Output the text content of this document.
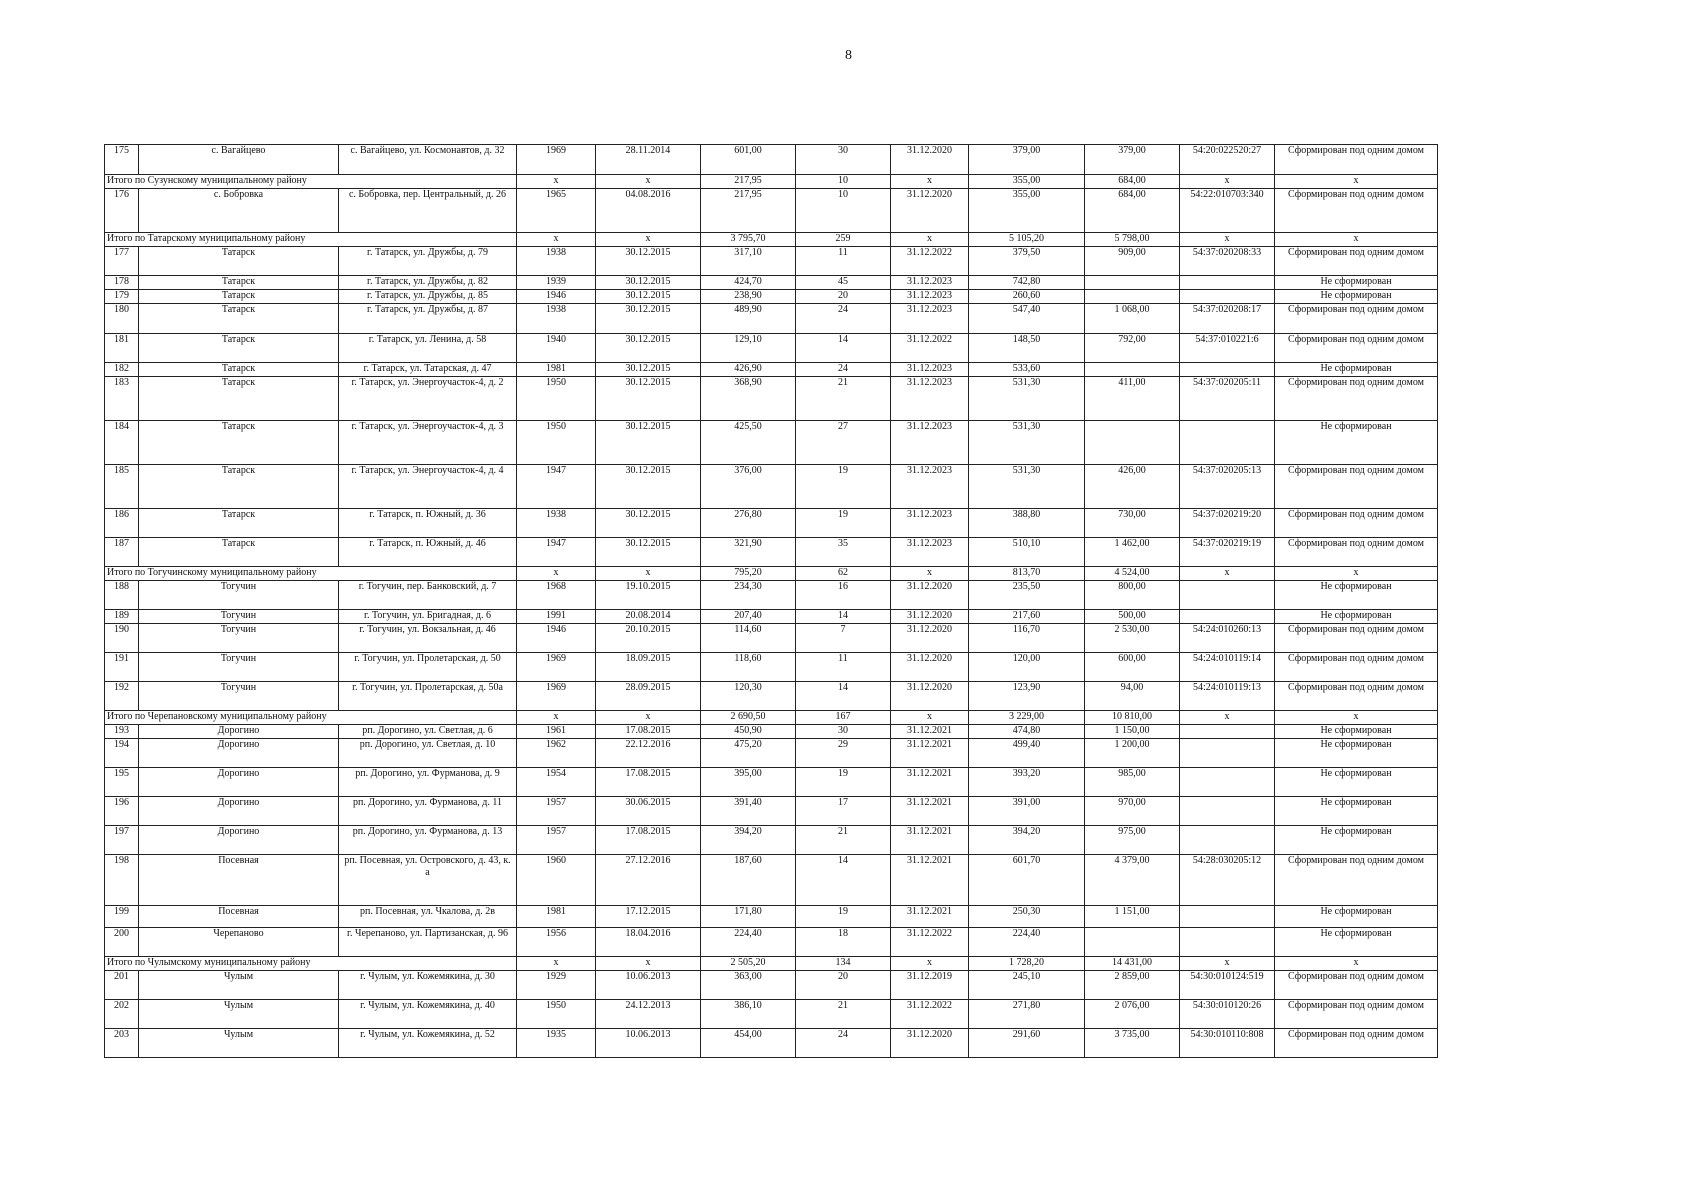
8
175	с. Вагайцево	с. Вагайцево, ул. Космонавтов, д. 32	1969	28.11.2014	601,00	30	31.12.2020	379,00	379,00	54:20:022520:27	Сформирован под одним домом
Итого по Сузунскому муниципальному району			x	x	217,95	10	x	355,00	684,00	x	x
176	с. Бобровка	с. Бобровка, пер. Центральный, д. 26	1965	04.08.2016	217,95	10	31.12.2020	355,00	684,00	54:22:010703:340	Сформирован под одним домом
Итого по Татарскому муниципальному району			x	x	3 795,70	259	x	5 105,20	5 798,00	x	x
177	Татарск	г. Татарск, ул. Дружбы, д. 79	1938	30.12.2015	317,10	11	31.12.2022	379,50	909,00	54:37:020208:33	Сформирован под одним домом
178	Татарск	г. Татарск, ул. Дружбы, д. 82	1939	30.12.2015	424,70	45	31.12.2023	742,80			Не сформирован
179	Татарск	г. Татарск, ул. Дружбы, д. 85	1946	30.12.2015	238,90	20	31.12.2023	260,60			Не сформирован
180	Татарск	г. Татарск, ул. Дружбы, д. 87	1938	30.12.2015	489,90	24	31.12.2023	547,40	1 068,00	54:37:020208:17	Сформирован под одним домом
181	Татарск	г. Татарск, ул. Ленина, д. 58	1940	30.12.2015	129,10	14	31.12.2022	148,50	792,00	54:37:010221:6	Сформирован под одним домом
182	Татарск	г. Татарск, ул. Татарская, д. 47	1981	30.12.2015	426,90	24	31.12.2023	533,60			Не сформирован
183	Татарск	г. Татарск, ул. Энергоучасток-4, д. 2	1950	30.12.2015	368,90	21	31.12.2023	531,30	411,00	54:37:020205:11	Сформирован под одним домом
184	Татарск	г. Татарск, ул. Энергоучасток-4, д. 3	1950	30.12.2015	425,50	27	31.12.2023	531,30			Не сформирован
185	Татарск	г. Татарск, ул. Энергоучасток-4, д. 4	1947	30.12.2015	376,00	19	31.12.2023	531,30	426,00	54:37:020205:13	Сформирован под одним домом
186	Татарск	г. Татарск, п. Южный, д. 36	1938	30.12.2015	276,80	19	31.12.2023	388,80	730,00	54:37:020219:20	Сформирован под одним домом
187	Татарск	г. Татарск, п. Южный, д. 46	1947	30.12.2015	321,90	35	31.12.2023	510,10	1 462,00	54:37:020219:19	Сформирован под одним домом
Итого по Тогучинскому муниципальному району			x	x	795,20	62	x	813,70	4 524,00	x	x
188	Тогучин	г. Тогучин, пер. Банковский, д. 7	1968	19.10.2015	234,30	16	31.12.2020	235,50	800,00		Не сформирован
189	Тогучин	г. Тогучин, ул. Бригадная, д. 6	1991	20.08.2014	207,40	14	31.12.2020	217,60	500,00		Не сформирован
190	Тогучин	г. Тогучин, ул. Вокзальная, д. 46	1946	20.10.2015	114,60	7	31.12.2020	116,70	2 530,00	54:24:010260:13	Сформирован под одним домом
191	Тогучин	г. Тогучин, ул. Пролетарская, д. 50	1969	18.09.2015	118,60	11	31.12.2020	120,00	600,00	54:24:010119:14	Сформирован под одним домом
192	Тогучин	г. Тогучин, ул. Пролетарская, д. 50а	1969	28.09.2015	120,30	14	31.12.2020	123,90	94,00	54:24:010119:13	Сформирован под одним домом
Итого по Черепановскому муниципальному району			x	x	2 690,50	167	x	3 229,00	10 810,00	x	x
193	Дорогино	рп. Дорогино, ул. Светлая, д. 6	1961	17.08.2015	450,90	30	31.12.2021	474,80	1 150,00		Не сформирован
194	Дорогино	рп. Дорогино, ул. Светлая, д. 10	1962	22.12.2016	475,20	29	31.12.2021	499,40	1 200,00		Не сформирован
195	Дорогино	рп. Дорогино, ул. Фурманова, д. 9	1954	17.08.2015	395,00	19	31.12.2021	393,20	985,00		Не сформирован
196	Дорогино	рп. Дорогино, ул. Фурманова, д. 11	1957	30.06.2015	391,40	17	31.12.2021	391,00	970,00		Не сформирован
197	Дорогино	рп. Дорогино, ул. Фурманова, д. 13	1957	17.08.2015	394,20	21	31.12.2021	394,20	975,00		Не сформирован
198	Посевная	рп. Посевная, ул. Островского, д. 43, к. а	1960	27.12.2016	187,60	14	31.12.2021	601,70	4 379,00	54:28:030205:12	Сформирован под одним домом
199	Посевная	рп. Посевная, ул. Чкалова, д. 2в	1981	17.12.2015	171,80	19	31.12.2021	250,30	1 151,00		Не сформирован
200	Черепаново	г. Черепаново, ул. Партизанская, д. 96	1956	18.04.2016	224,40	18	31.12.2022	224,40			Не сформирован
Итого по Чулымскому муниципальному району			x	x	2 505,20	134	x	1 728,20	14 431,00	x	x
201	Чулым	г. Чулым, ул. Кожемякина, д. 30	1929	10.06.2013	363,00	20	31.12.2019	245,10	2 859,00	54:30:010124:519	Сформирован под одним домом
202	Чулым	г. Чулым, ул. Кожемякина, д. 40	1950	24.12.2013	386,10	21	31.12.2022	271,80	2 076,00	54:30:010120:26	Сформирован под одним домом
203	Чулым	г. Чулым, ул. Кожемякина, д. 52	1935	10.06.2013	454,00	24	31.12.2020	291,60	3 735,00	54:30:010110:808	Сформирован под одним домом
